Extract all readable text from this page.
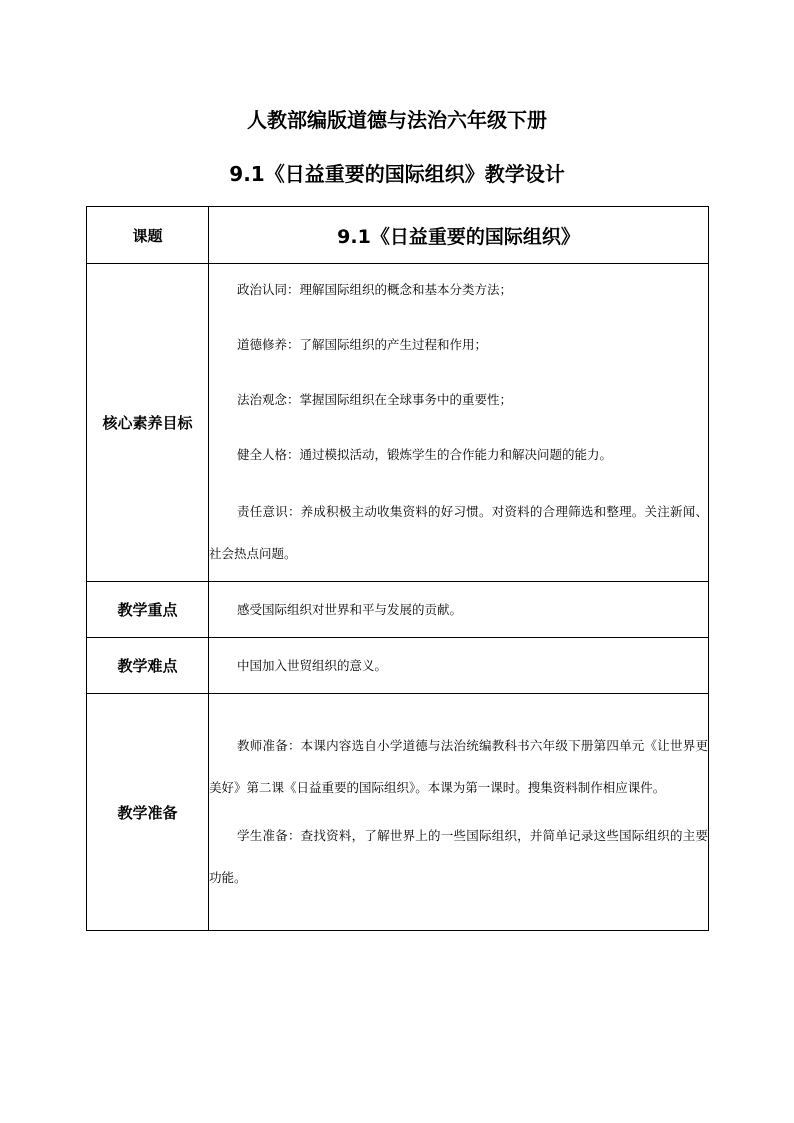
人教部编版道德与法治六年级下册
9.1《日益重要的国际组织》教学设计
课题	9.1《日益重要的国际组织》
核心素养目标	政治认同：理解国际组织的概念和基本分类方法；

道德修养：了解国际组织的产生过程和作用；

法治观念：掌握国际组织在全球事务中的重要性；

健全人格：通过模拟活动，锻炼学生的合作能力和解决问题的能力。

责任意识：养成积极主动收集资料的好习惯。对资料的合理筛选和整理。关注新闻、社会热点问题。

教学重点	感受国际组织对世界和平与发展的贡献。

教学难点	中国加入世贸组织的意义。

教学准备	教师准备：本课内容选自小学道德与法治统编教科书六年级下册第四单元《让世界更美好》第二课《日益重要的国际组织》。本课为第一课时。搜集资料制作相应课件。

学生准备：查找资料，了解世界上的一些国际组织，并简单记录这些国际组织的主要功能。
